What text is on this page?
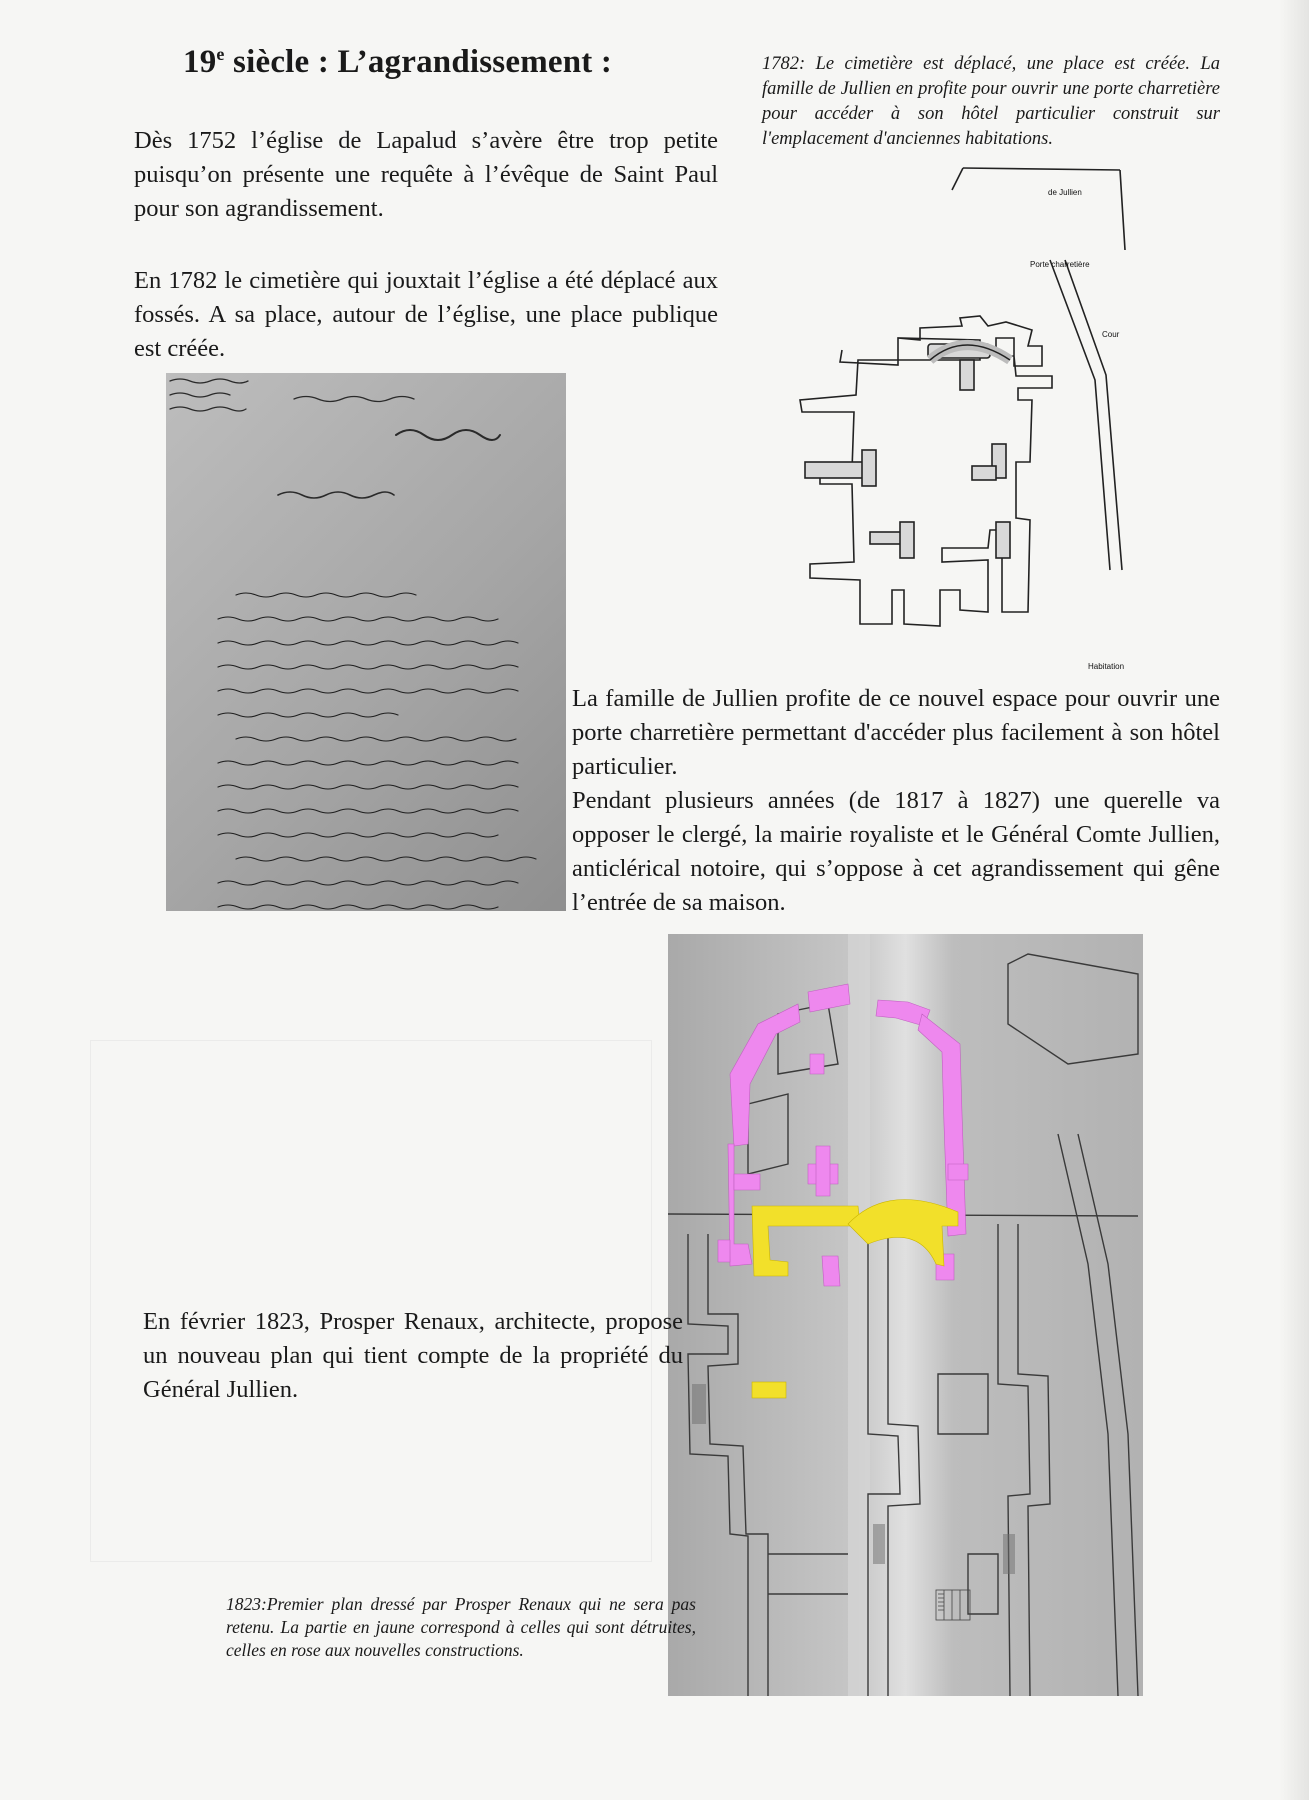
19e siècle : L’agrandissement :	1782: Le cimetière est déplacé, une place est créée. La famille de Jullien en profite pour ouvrir une porte charretière pour accéder à son hôtel particulier construit sur l'emplacement d'anciennes habitations.
Dès 1752 l’église de Lapalud s’avère être trop petite puisqu’on présente une requête à l’évêque de Saint Paul pour son agrandissement.
En 1782 le cimetière qui jouxtait l’église a été déplacé aux fossés. A sa place, autour de l’église, une place publique est créée.
de Jullien
Porte charretière
Cour
Habitation
La famille de Jullien profite de ce nouvel espace pour ouvrir une porte charretière permettant d'accéder plus facilement à son hôtel particulier.
Pendant plusieurs années (de 1817 à 1827) une querelle va opposer le clergé, la mairie royaliste et le Général Comte Jullien, anticlérical notoire, qui s’oppose à cet agrandissement qui gêne l’entrée de sa maison.
En février 1823, Prosper Renaux, architecte, propose un nouveau plan qui tient compte de la propriété du Général Jullien.
1823:Premier plan dressé par Prosper Renaux qui ne sera pas retenu. La partie en jaune correspond à celles qui sont détruites, celles en rose aux nouvelles constructions.
